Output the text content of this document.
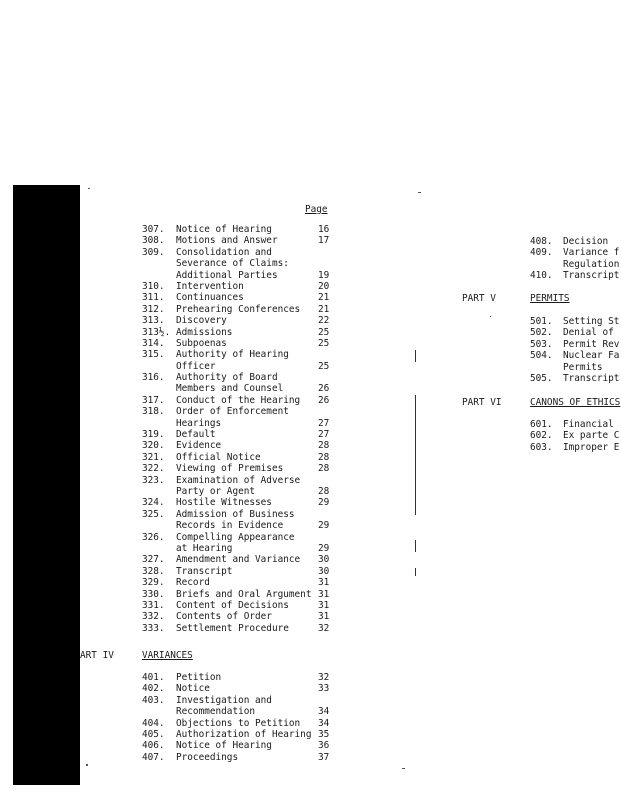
Page
307. Notice of Hearing	16
308. Motions and Answer	17
309. Consolidation and
Severance of Claims:
Additional Parties	19
310. Intervention	20
311. Continuances	21
312. Prehearing Conferences 21
313. Discovery	22
313½. Admissions	25
314. Subpoenas	25
315. Authority of Hearing
Officer	25
316. Authority of Board
Members and Counsel	26
317. Conduct of the Hearing 26
318. Order of Enforcement
Hearings	27
319. Default	27
320. Evidence	28
321. Official Notice	28
322. Viewing of Premises	28
323. Examination of Adverse
Party or Agent	28
324. Hostile Witnesses	29
325. Admission of Business
Records in Evidence	29
326. Compelling Appearance
at Hearing	29
327. Amendment and Variance 30
328. Transcript	30
329. Record	31
330. Briefs and Oral Argument 31
331. Content of Decisions	31
332. Contents of Order	31
333. Settlement Procedure	32
ART IV	VARIANCES
401. Petition	32
402. Notice	33
403. Investigation and
Recommendation	34
404. Objections to Petition 34
405. Authorization of Hearing 35
406. Notice of Hearing	36
407. Proceedings	37
408. Decision
409. Variance f
Regulation
410. Transcript
PART V	PERMITS
501. Setting St
502. Denial of
503. Permit Rev
504. Nuclear Fa
Permits
505. Transcript
PART VI	CANONS OF ETHICS
601. Financial
602. Ex parte C
603. Improper E
